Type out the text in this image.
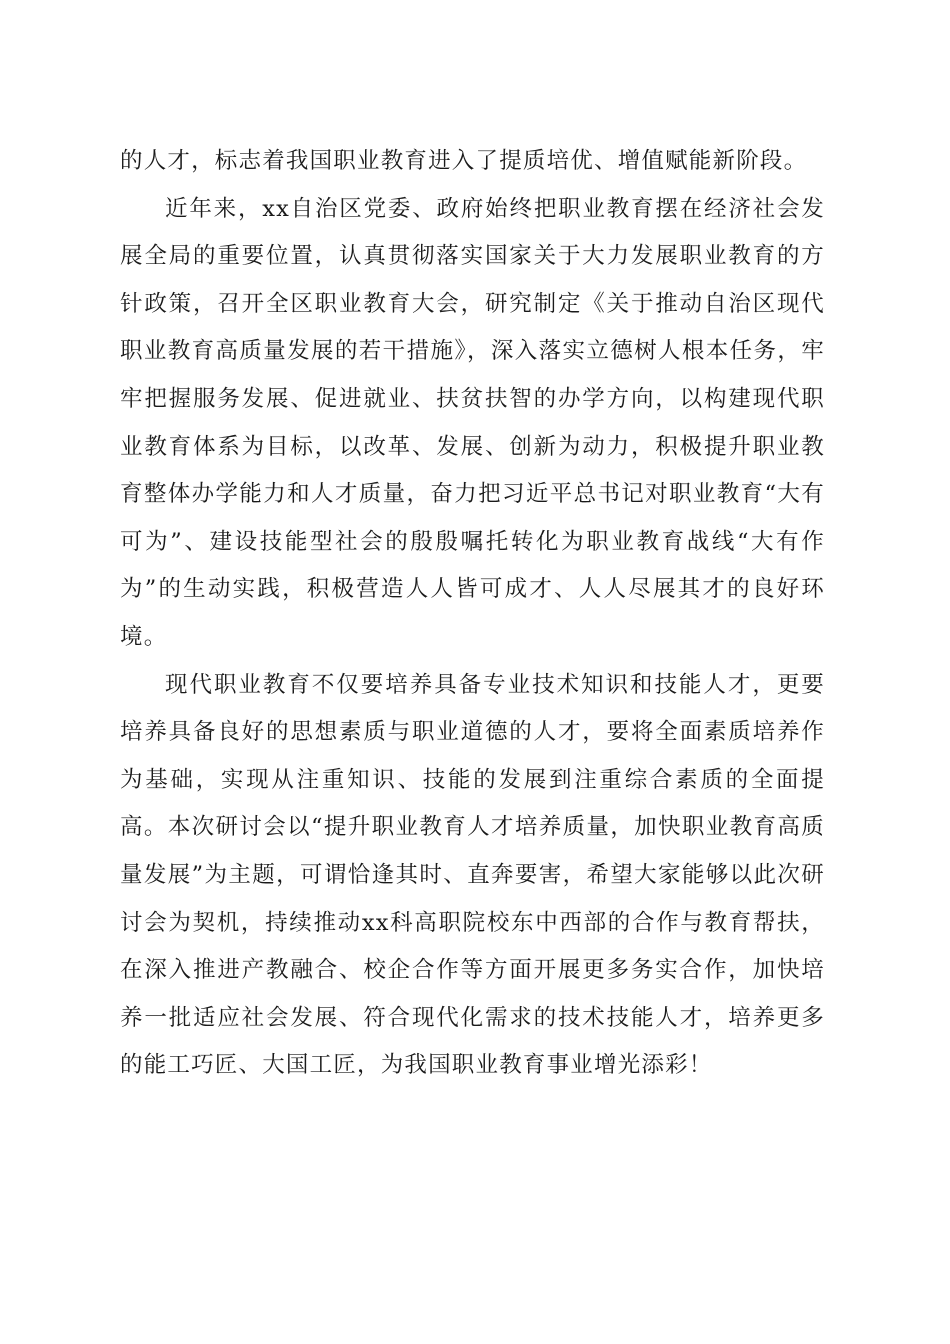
的人才，标志着我国职业教育进入了提质培优、增值赋能新阶段。

近年来，xx自治区党委、政府始终把职业教育摆在经济社会发展全局的重要位置，认真贯彻落实国家关于大力发展职业教育的方针政策，召开全区职业教育大会，研究制定《关于推动自治区现代职业教育高质量发展的若干措施》，深入落实立德树人根本任务，牢牢把握服务发展、促进就业、扶贫扶智的办学方向，以构建现代职业教育体系为目标，以改革、发展、创新为动力，积极提升职业教育整体办学能力和人才质量，奋力把习近平总书记对职业教育“大有可为”、建设技能型社会的殷殷嘱托转化为职业教育战线“大有作为”的生动实践，积极营造人人皆可成才、人人尽展其才的良好环境。

现代职业教育不仅要培养具备专业技术知识和技能人才，更要培养具备良好的思想素质与职业道德的人才，要将全面素质培养作为基础，实现从注重知识、技能的发展到注重综合素质的全面提高。本次研讨会以“提升职业教育人才培养质量，加快职业教育高质量发展”为主题，可谓恰逢其时、直奔要害，希望大家能够以此次研讨会为契机，持续推动xx科高职院校东中西部的合作与教育帮扶，在深入推进产教融合、校企合作等方面开展更多务实合作，加快培养一批适应社会发展、符合现代化需求的技术技能人才，培养更多的能工巧匠、大国工匠，为我国职业教育事业增光添彩！
